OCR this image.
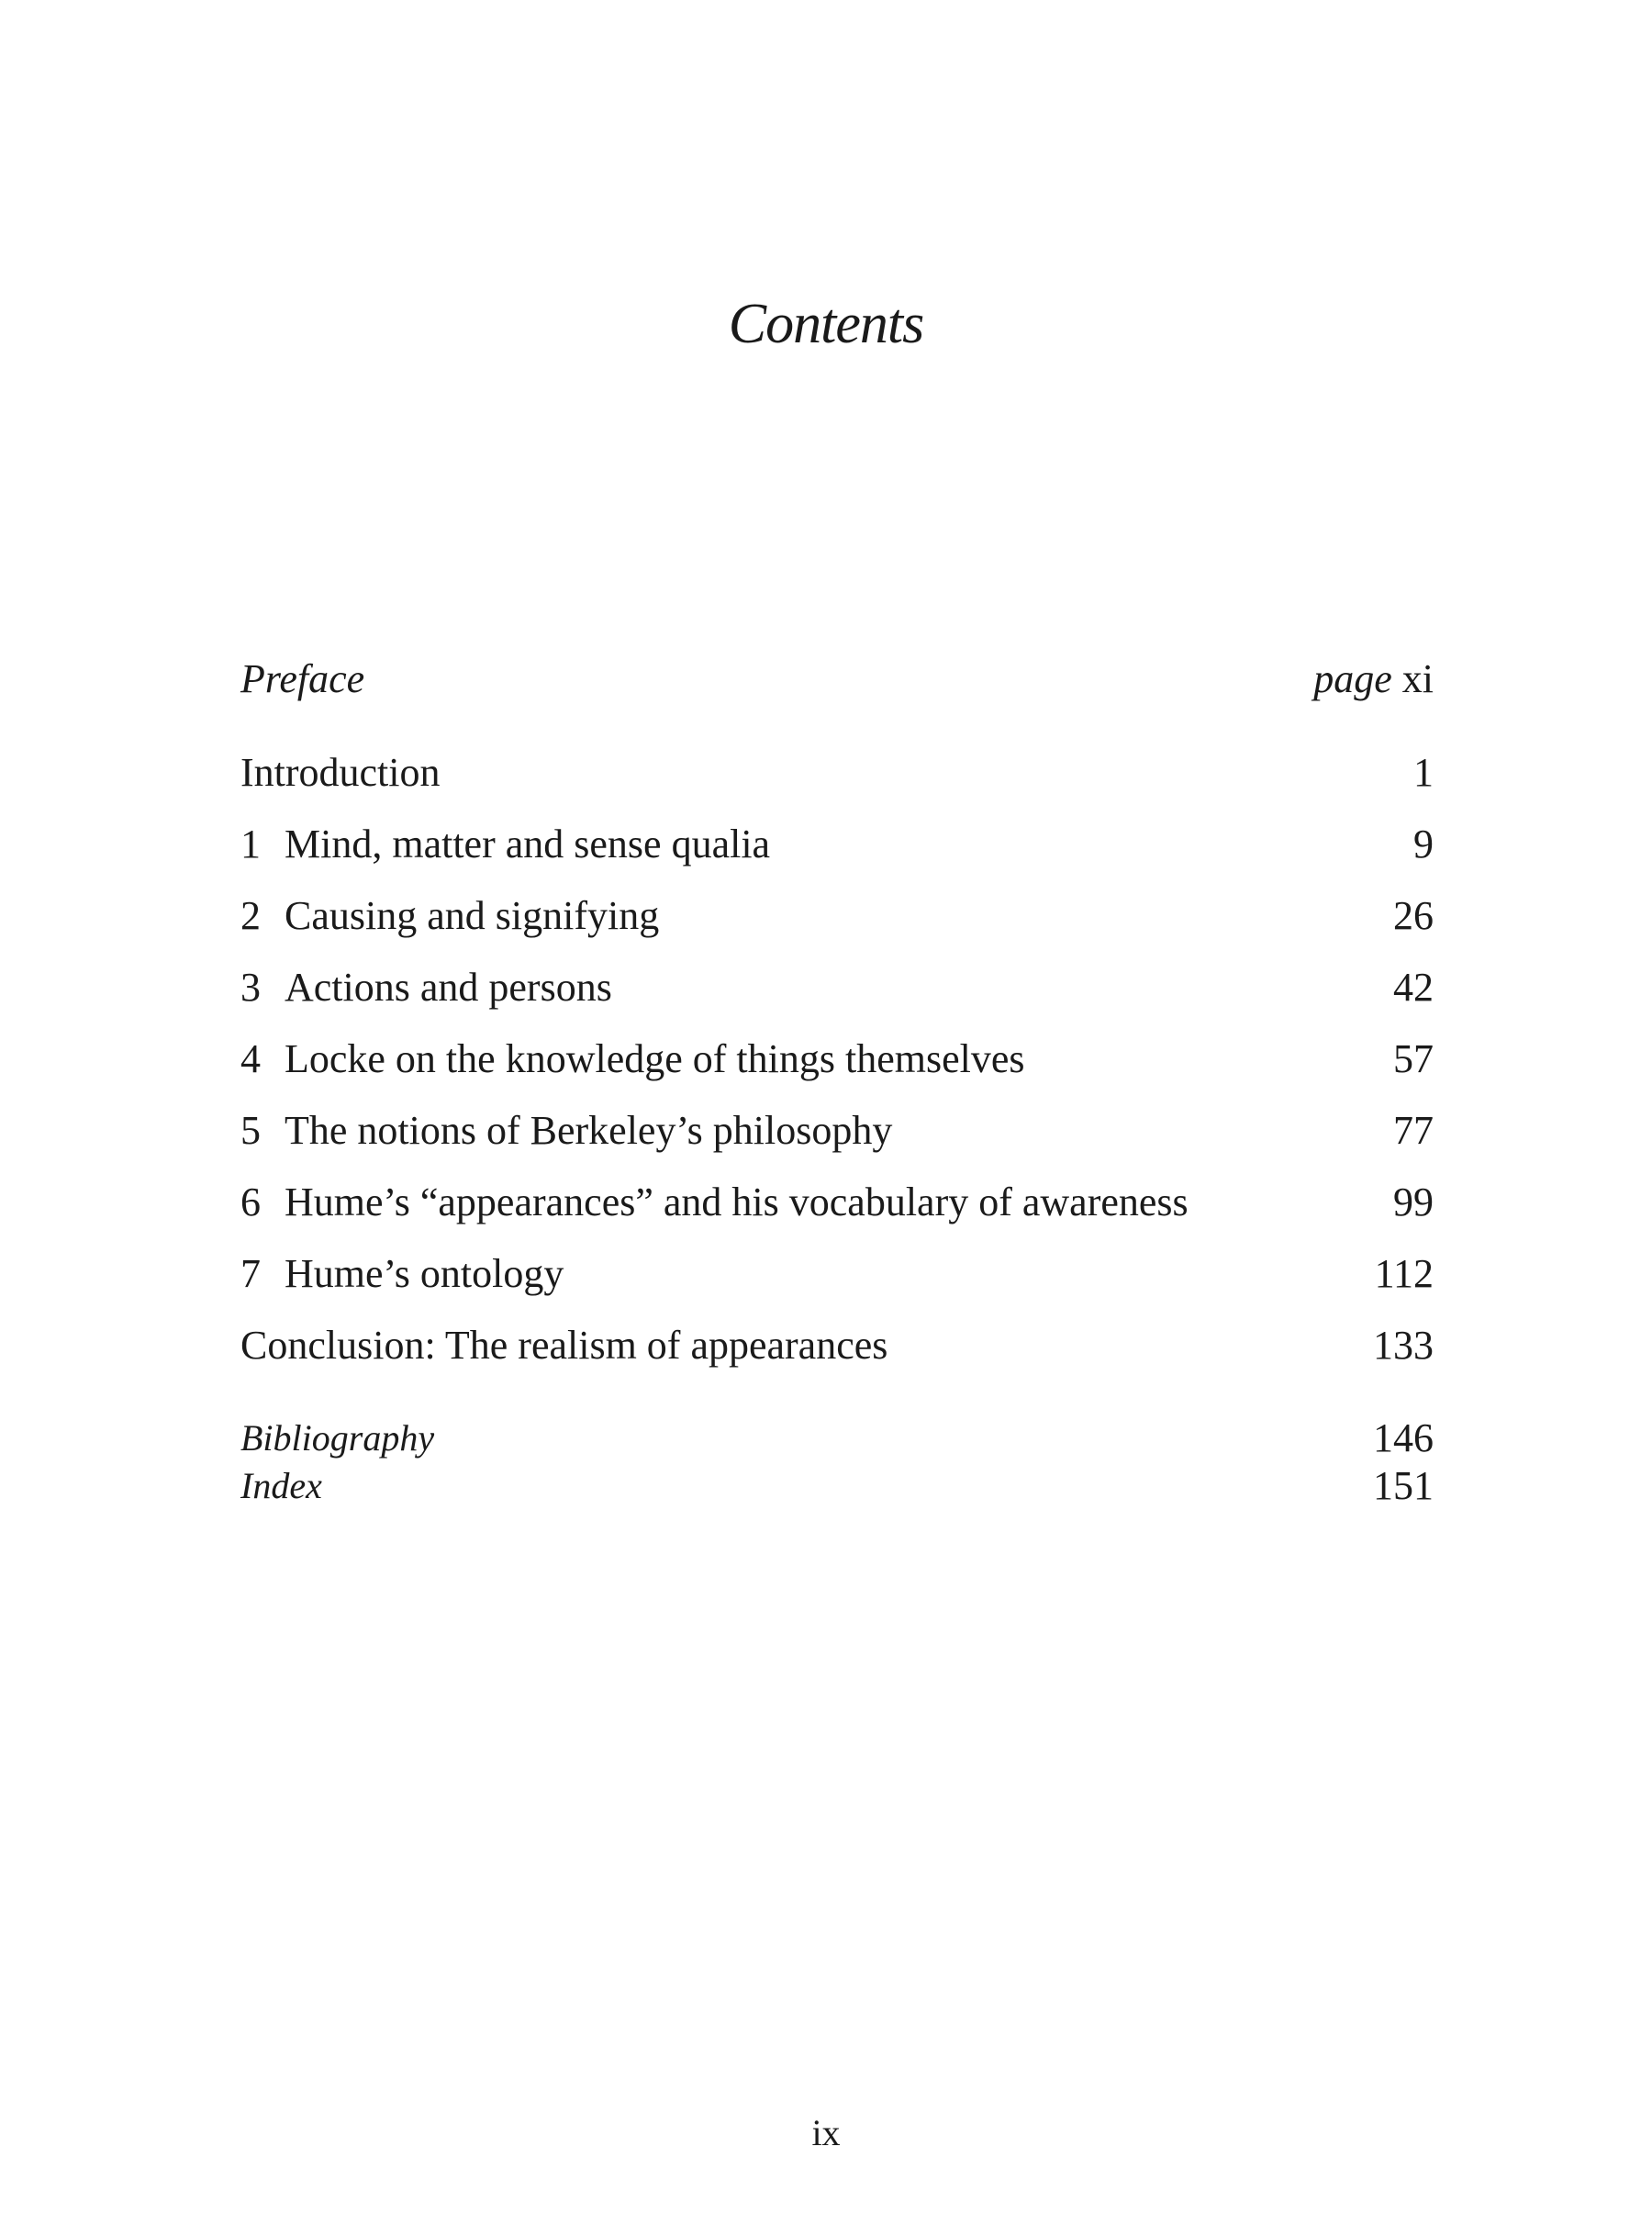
Contents
Preface	page xi
Introduction	1
1 Mind, matter and sense qualia	9
2 Causing and signifying	26
3 Actions and persons	42
4 Locke on the knowledge of things themselves	57
5 The notions of Berkeley’s philosophy	77
6 Hume’s “appearances” and his vocabulary of awareness	99
7 Hume’s ontology	112
Conclusion: The realism of appearances	133
Bibliography	146
Index	151
ix
